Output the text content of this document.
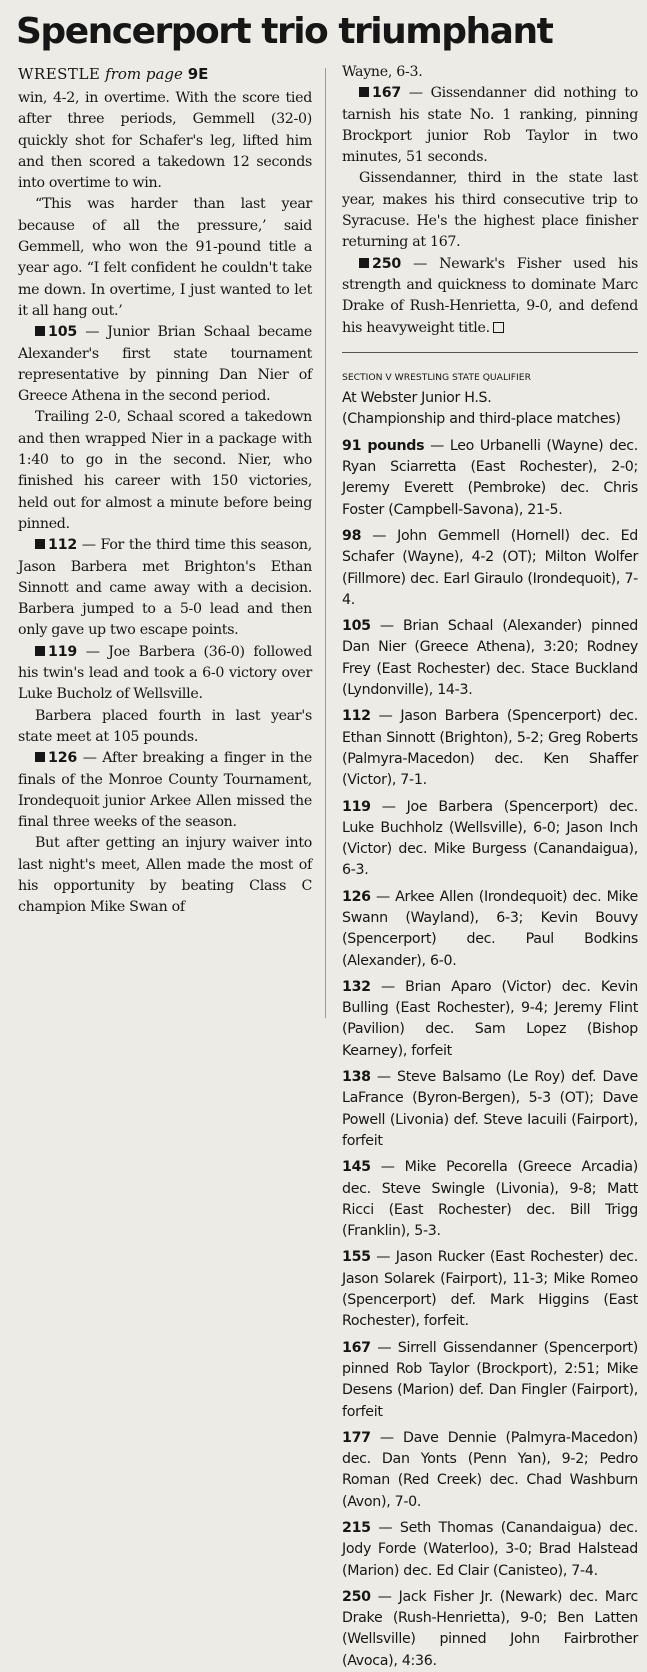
Spencerport trio triumphant
WRESTLE from page 9E

win, 4-2, in overtime. With the score tied after three periods, Gemmell (32-0) quickly shot for Schafer's leg, lifted him and then scored a takedown 12 seconds into overtime to win.

“This was harder than last year because of all the pressure,’ said Gemmell, who won the 91-pound title a year ago. “I felt confident he couldn't take me down. In overtime, I just wanted to let it all hang out.’

105 — Junior Brian Schaal became Alexander's first state tournament representative by pinning Dan Nier of Greece Athena in the second period.

Trailing 2-0, Schaal scored a takedown and then wrapped Nier in a package with 1:40 to go in the second. Nier, who finished his career with 150 victories, held out for almost a minute before being pinned.

112 — For the third time this season, Jason Barbera met Brighton's Ethan Sinnott and came away with a decision. Barbera jumped to a 5-0 lead and then only gave up two escape points.

119 — Joe Barbera (36-0) followed his twin's lead and took a 6-0 victory over Luke Bucholz of Wellsville.

Barbera placed fourth in last year's state meet at 105 pounds.

126 — After breaking a finger in the finals of the Monroe County Tournament, Irondequoit junior Arkee Allen missed the final three weeks of the season.

But after getting an injury waiver into last night's meet, Allen made the most of his opportunity by beating Class C champion Mike Swan of

Wayne, 6-3.

167 — Gissendanner did nothing to tarnish his state No. 1 ranking, pinning Brockport junior Rob Taylor in two minutes, 51 seconds.

Gissendanner, third in the state last year, makes his third consecutive trip to Syracuse. He's the highest place finisher returning at 167.

250 — Newark's Fisher used his strength and quickness to dominate Marc Drake of Rush-Henrietta, 9-0, and defend his heavyweight title.

SECTION V WRESTLING STATE QUALIFIER

At Webster Junior H.S.

(Championship and third-place matches)

91 pounds — Leo Urbanelli (Wayne) dec. Ryan Sciarretta (East Rochester), 2-0; Jeremy Everett (Pembroke) dec. Chris Foster (Campbell-Savona), 21-5.

98 — John Gemmell (Hornell) dec. Ed Schafer (Wayne), 4-2 (OT); Milton Wolfer (Fillmore) dec. Earl Giraulo (Irondequoit), 7-4.

105 — Brian Schaal (Alexander) pinned Dan Nier (Greece Athena), 3:20; Rodney Frey (East Rochester) dec. Stace Buckland (Lyndonville), 14-3.

112 — Jason Barbera (Spencerport) dec. Ethan Sinnott (Brighton), 5-2; Greg Roberts (Palmyra-Macedon) dec. Ken Shaffer (Victor), 7-1.

119 — Joe Barbera (Spencerport) dec. Luke Buchholz (Wellsville), 6-0; Jason Inch (Victor) dec. Mike Burgess (Canandaigua), 6-3.

126 — Arkee Allen (Irondequoit) dec. Mike Swann (Wayland), 6-3; Kevin Bouvy (Spencerport) dec. Paul Bodkins (Alexander), 6-0.

132 — Brian Aparo (Victor) dec. Kevin Bulling (East Rochester), 9-4; Jeremy Flint (Pavilion) dec. Sam Lopez (Bishop Kearney), forfeit

138 — Steve Balsamo (Le Roy) def. Dave LaFrance (Byron-Bergen), 5-3 (OT); Dave Powell (Livonia) def. Steve Iacuili (Fairport), forfeit

145 — Mike Pecorella (Greece Arcadia) dec. Steve Swingle (Livonia), 9-8; Matt Ricci (East Rochester) dec. Bill Trigg (Franklin), 5-3.

155 — Jason Rucker (East Rochester) dec. Jason Solarek (Fairport), 11-3; Mike Romeo (Spencerport) def. Mark Higgins (East Rochester), forfeit.

167 — Sirrell Gissendanner (Spencerport) pinned Rob Taylor (Brockport), 2:51; Mike Desens (Marion) def. Dan Fingler (Fairport), forfeit

177 — Dave Dennie (Palmyra-Macedon) dec. Dan Yonts (Penn Yan), 9-2; Pedro Roman (Red Creek) dec. Chad Washburn (Avon), 7-0.

215 — Seth Thomas (Canandaigua) dec. Jody Forde (Waterloo), 3-0; Brad Halstead (Marion) dec. Ed Clair (Canisteo), 7-4.

250 — Jack Fisher Jr. (Newark) dec. Marc Drake (Rush-Henrietta), 9-0; Ben Latten (Wellsville) pinned John Fairbrother (Avoca), 4:36.
